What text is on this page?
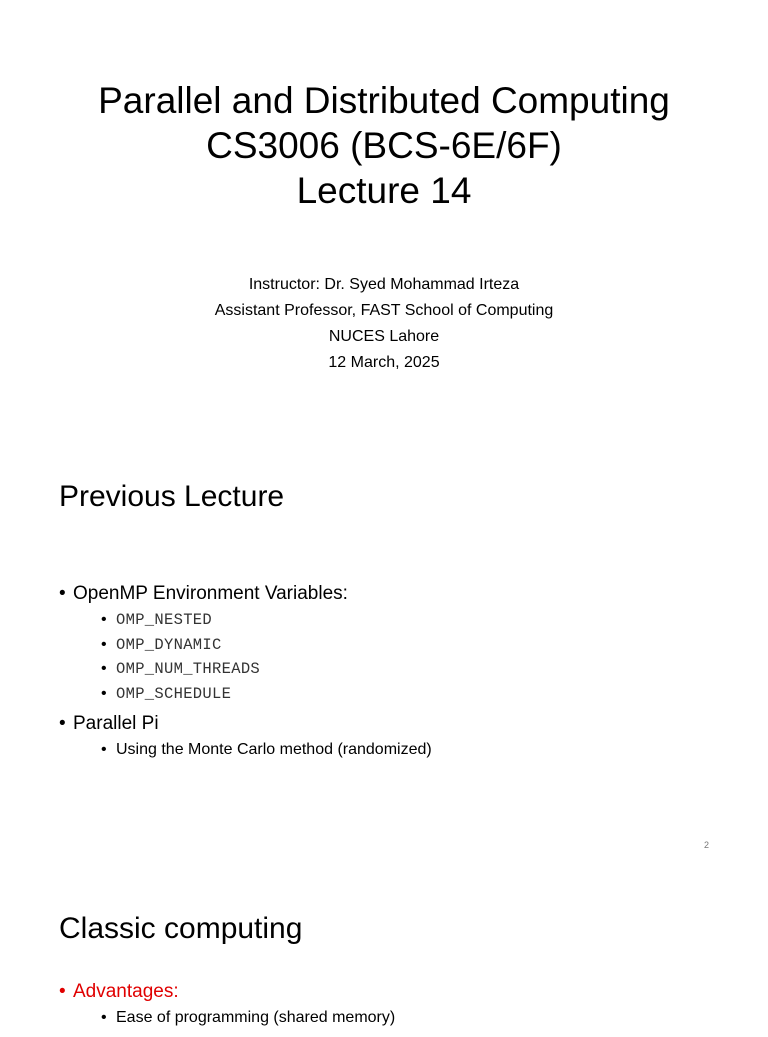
Parallel and Distributed Computing
CS3006 (BCS-6E/6F)
Lecture 14
Instructor: Dr. Syed Mohammad Irteza
Assistant Professor, FAST School of Computing
NUCES Lahore
12 March, 2025
Previous Lecture
• OpenMP Environment Variables:
• OMP_NESTED
• OMP_DYNAMIC
• OMP_NUM_THREADS
• OMP_SCHEDULE
• Parallel Pi
• Using the Monte Carlo method (randomized)
2
Classic computing
• Advantages:
• Ease of programming (shared memory)
